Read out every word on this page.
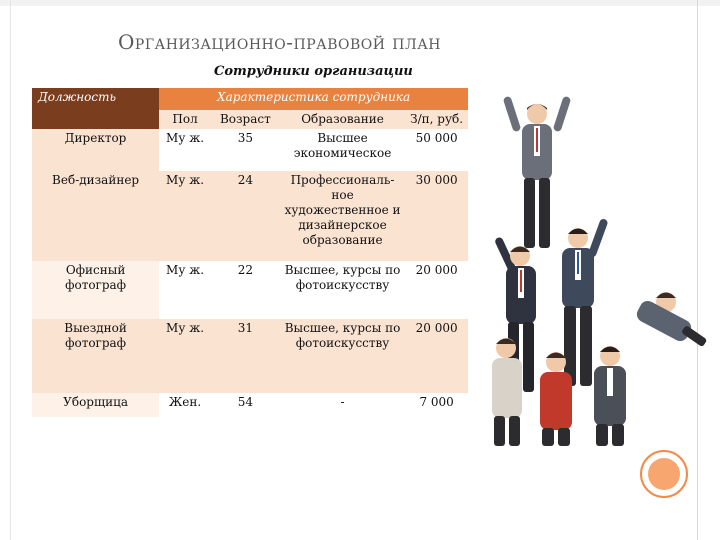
Организационно-правовой план
Сотрудники организации
Должность	Характеристика сотрудника			
	Пол	Возраст	Образование	З/п, руб.
Директор	Му ж.	35	Высшее экономическое	50 000
Веб-дизайнер	Му ж.	24	Профессиональ-ное художественное и дизайнерское образование	30 000
Офисный фотограф	Му ж.	22	Высшее, курсы по фотоискусству	20 000
Выездной фотограф	Му ж.	31	Высшее, курсы по фотоискусству	20 000
Уборщица	Жен.	54	-	7 000
